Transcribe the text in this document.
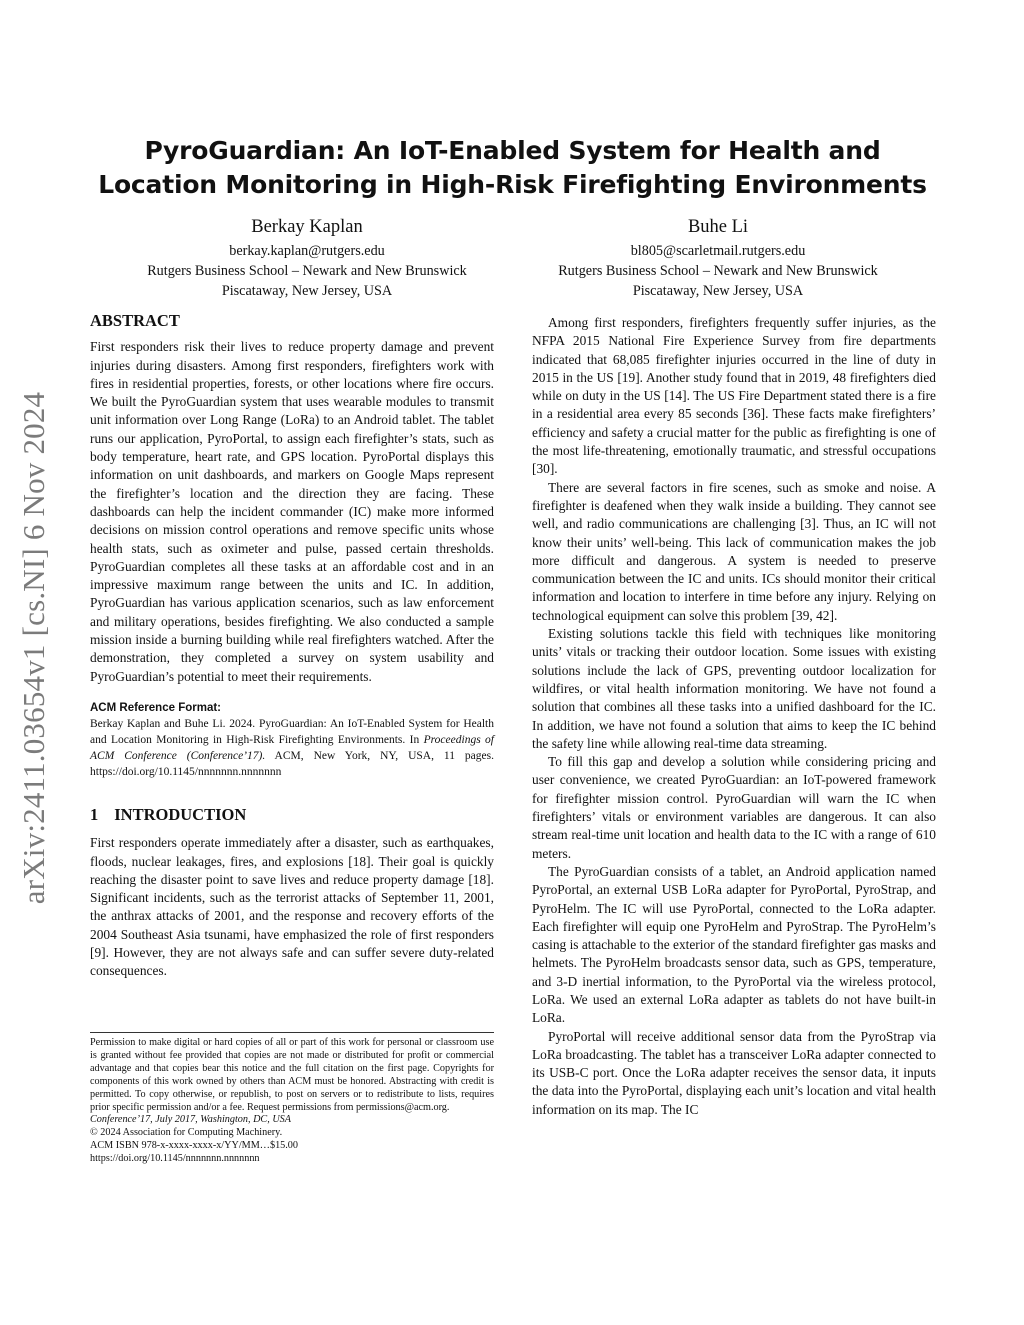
arXiv:2411.03654v1 [cs.NI] 6 Nov 2024
PyroGuardian: An IoT-Enabled System for Health and Location Monitoring in High-Risk Firefighting Environments
Berkay Kaplan
berkay.kaplan@rutgers.edu
Rutgers Business School – Newark and New Brunswick
Piscataway, New Jersey, USA
Buhe Li
bl805@scarletmail.rutgers.edu
Rutgers Business School – Newark and New Brunswick
Piscataway, New Jersey, USA
ABSTRACT

First responders risk their lives to reduce property damage and prevent injuries during disasters. Among first responders, firefighters work with fires in residential properties, forests, or other locations where fire occurs. We built the PyroGuardian system that uses wearable modules to transmit unit information over Long Range (LoRa) to an Android tablet. The tablet runs our application, PyroPortal, to assign each firefighter’s stats, such as body temperature, heart rate, and GPS location. PyroPortal displays this information on unit dashboards, and markers on Google Maps represent the firefighter’s location and the direction they are facing. These dashboards can help the incident commander (IC) make more informed decisions on mission control operations and remove specific units whose health stats, such as oximeter and pulse, passed certain thresholds. PyroGuardian completes all these tasks at an affordable cost and in an impressive maximum range between the units and IC. In addition, PyroGuardian has various application scenarios, such as law enforcement and military operations, besides firefighting. We also conducted a sample mission inside a burning building while real firefighters watched. After the demonstration, they completed a survey on system usability and PyroGuardian’s potential to meet their requirements.

ACM Reference Format:
Berkay Kaplan and Buhe Li. 2024. PyroGuardian: An IoT-Enabled System for Health and Location Monitoring in High-Risk Firefighting Environments. In Proceedings of ACM Conference (Conference’17). ACM, New York, NY, USA, 11 pages. https://doi.org/10.1145/nnnnnnn.nnnnnnn
1 INTRODUCTION

First responders operate immediately after a disaster, such as earthquakes, floods, nuclear leakages, fires, and explosions [18]. Their goal is quickly reaching the disaster point to save lives and reduce property damage [18]. Significant incidents, such as the terrorist attacks of September 11, 2001, the anthrax attacks of 2001, and the response and recovery efforts of the 2004 Southeast Asia tsunami, have emphasized the role of first responders [9]. However, they are not always safe and can suffer severe duty-related consequences.

Permission to make digital or hard copies of all or part of this work for personal or classroom use is granted without fee provided that copies are not made or distributed for profit or commercial advantage and that copies bear this notice and the full citation on the first page. Copyrights for components of this work owned by others than ACM must be honored. Abstracting with credit is permitted. To copy otherwise, or republish, to post on servers or to redistribute to lists, requires prior specific permission and/or a fee. Request permissions from permissions@acm.org.
Conference’17, July 2017, Washington, DC, USA
© 2024 Association for Computing Machinery.
ACM ISBN 978-x-xxxx-xxxx-x/YY/MM…$15.00
https://doi.org/10.1145/nnnnnnn.nnnnnnn

Among first responders, firefighters frequently suffer injuries, as the NFPA 2015 National Fire Experience Survey from fire departments indicated that 68,085 firefighter injuries occurred in the line of duty in 2015 in the US [19]. Another study found that in 2019, 48 firefighters died while on duty in the US [14]. The US Fire Department stated there is a fire in a residential area every 85 seconds [36]. These facts make firefighters’ efficiency and safety a crucial matter for the public as firefighting is one of the most life-threatening, emotionally traumatic, and stressful occupations [30].

There are several factors in fire scenes, such as smoke and noise. A firefighter is deafened when they walk inside a building. They cannot see well, and radio communications are challenging [3]. Thus, an IC will not know their units’ well-being. This lack of communication makes the job more difficult and dangerous. A system is needed to preserve communication between the IC and units. ICs should monitor their critical information and location to interfere in time before any injury. Relying on technological equipment can solve this problem [39, 42].

Existing solutions tackle this field with techniques like monitoring units’ vitals or tracking their outdoor location. Some issues with existing solutions include the lack of GPS, preventing outdoor localization for wildfires, or vital health information monitoring. We have not found a solution that combines all these tasks into a unified dashboard for the IC. In addition, we have not found a solution that aims to keep the IC behind the safety line while allowing real-time data streaming.

To fill this gap and develop a solution while considering pricing and user convenience, we created PyroGuardian: an IoT-powered framework for firefighter mission control. PyroGuardian will warn the IC when firefighters’ vitals or environment variables are dangerous. It can also stream real-time unit location and health data to the IC with a range of 610 meters.

The PyroGuardian consists of a tablet, an Android application named PyroPortal, an external USB LoRa adapter for PyroPortal, PyroStrap, and PyroHelm. The IC will use PyroPortal, connected to the LoRa adapter. Each firefighter will equip one PyroHelm and PyroStrap. The PyroHelm’s casing is attachable to the exterior of the standard firefighter gas masks and helmets. The PyroHelm broadcasts sensor data, such as GPS, temperature, and 3-D inertial information, to the PyroPortal via the wireless protocol, LoRa. We used an external LoRa adapter as tablets do not have built-in LoRa.

PyroPortal will receive additional sensor data from the PyroStrap via LoRa broadcasting. The tablet has a transceiver LoRa adapter connected to its USB-C port. Once the LoRa adapter receives the sensor data, it inputs the data into the PyroPortal, displaying each unit’s location and vital health information on its map. The IC
